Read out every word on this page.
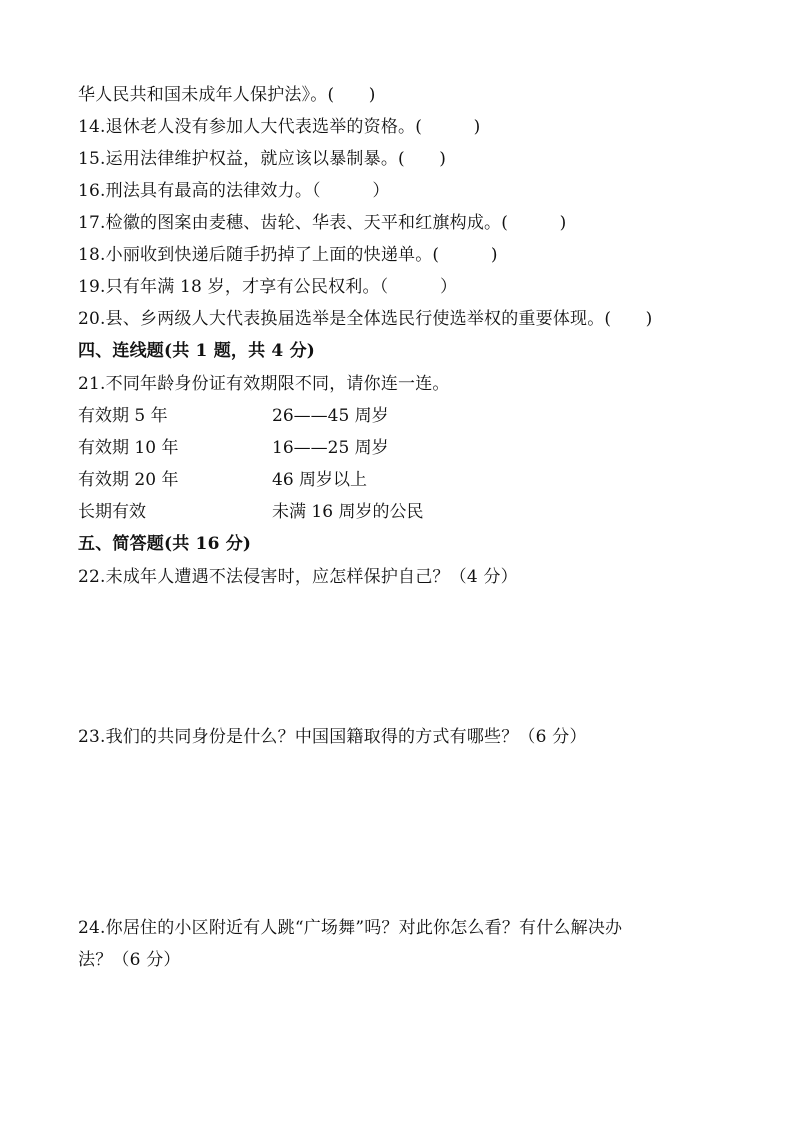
华人民共和国未成年人保护法》。(　　)
14.退休老人没有参加人大代表选举的资格。(　　　)
15.运用法律维护权益，就应该以暴制暴。(　　)
16.刑法具有最高的法律效力。（　　　）
17.检徽的图案由麦穗、齿轮、华表、天平和红旗构成。(　　　)
18.小丽收到快递后随手扔掉了上面的快递单。(　　　)
19.只有年满 18 岁，才享有公民权利。（　　　）
20.县、乡两级人大代表换届选举是全体选民行使选举权的重要体现。(　　)
四、连线题(共 1 题，共 4 分)
21.不同年龄身份证有效期限不同，请你连一连。
有效期 5 年	26——45 周岁
有效期 10 年	16——25 周岁
有效期 20 年	46 周岁以上
长期有效	未满 16 周岁的公民
五、简答题(共 16 分)
22.未成年人遭遇不法侵害时，应怎样保护自己？（4 分）
23.我们的共同身份是什么？中国国籍取得的方式有哪些？（6 分）
24.你居住的小区附近有人跳“广场舞”吗？对此你怎么看？有什么解决办
法？（6 分）
